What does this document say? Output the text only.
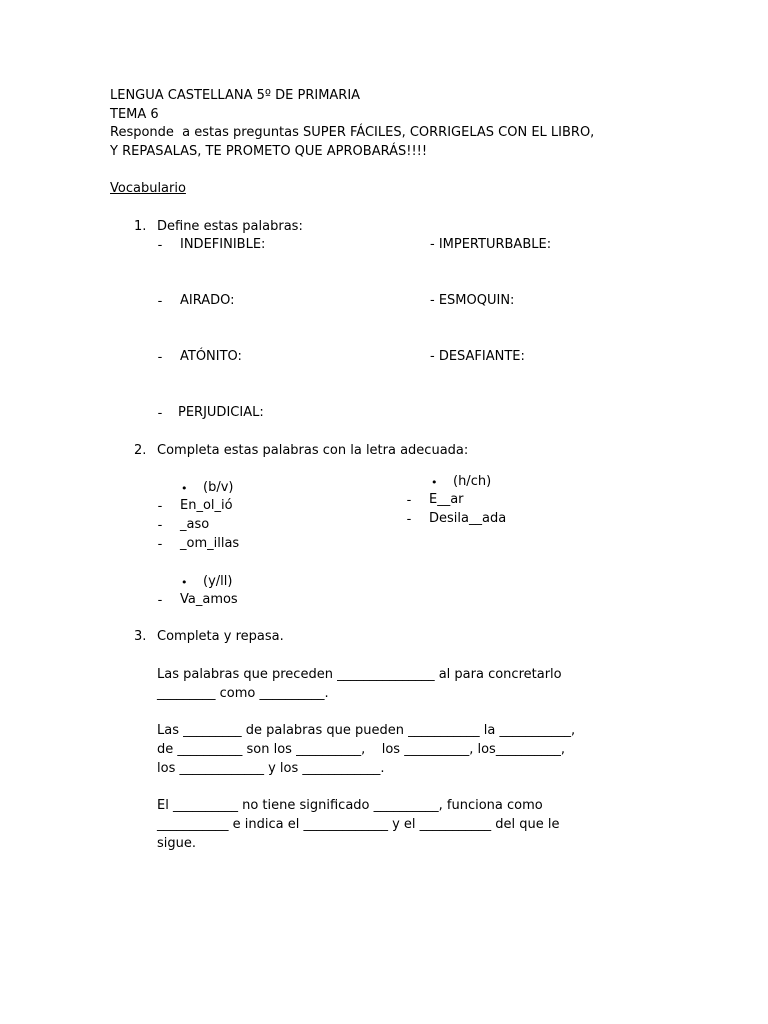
LENGUA CASTELLANA 5º DE PRIMARIA
TEMA 6
Responde  a estas preguntas SUPER FÁCILES, CORRIGELAS CON EL LIBRO,
Y REPASALAS, TE PROMETO QUE APROBARÁS!!!!
Vocabulario
1. Define estas palabras:
- INDEFINIBLE:	- IMPERTURBABLE:
- AIRADO:	- ESMOQUIN:
- ATÓNITO:	- DESAFIANTE:
- PERJUDICIAL:
2. Completa estas palabras con la letra adecuada:
• (b/v)
- En_ol_ió
- _aso
- _om_illas
• (y/ll)
- Va_amos
• (h/ch)
- E__ar
- Desila__ada
3. Completa y repasa.
Las palabras que preceden _______________ al para concretarlo
_________ como __________.
Las _________ de palabras que pueden ___________ la ___________,
de __________ son los __________,    los __________, los__________,
los _____________ y los ____________.
El __________ no tiene significado __________, funciona como
___________ e indica el _____________ y el ___________ del que le
sigue.
